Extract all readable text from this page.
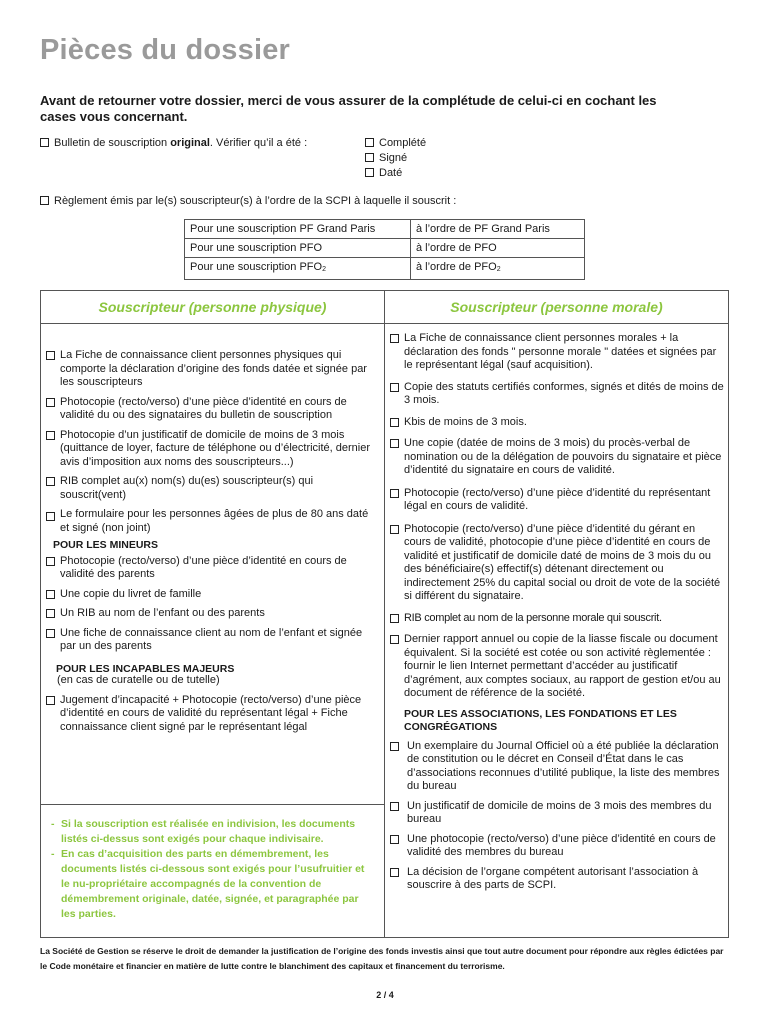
Pièces du dossier
Avant de retourner votre dossier, merci de vous assurer de la complétude de celui-ci en cochant les cases vous concernant.
Bulletin de souscription original. Vérifier qu’il a été :	Complété
Signé
Daté
Règlement émis par le(s) souscripteur(s) à l’ordre de la SCPI à laquelle il souscrit :
Pour une souscription PF Grand Paris	à l’ordre de PF Grand Paris
Pour une souscription PFO	à l’ordre de PFO
Pour une souscription $PFO_2$	à l’ordre de $PFO_2$
Souscripteur (personne physique)	Souscripteur (personne morale)
La Fiche de connaissance client personnes physiques qui comporte la déclaration d’origine des fonds datée et signée par les souscripteurs
Photocopie (recto/verso) d’une pièce d’identité en cours de validité du ou des signataires du bulletin de souscription
Photocopie d’un justificatif de domicile de moins de 3 mois (quittance de loyer, facture de téléphone ou d’électricité, dernier avis d’imposition aux noms des souscripteurs...)
RIB complet au(x) nom(s) du(es) souscripteur(s) qui souscrit(vent)
Le formulaire pour les personnes âgées de plus de 80 ans daté et signé (non joint)
POUR LES MINEURS
Photocopie (recto/verso) d’une pièce d’identité en cours de validité des parents
Une copie du livret de famille
Un RIB au nom de l’enfant ou des parents
Une fiche de connaissance client au nom de l’enfant et signée par un des parents
POUR LES INCAPABLES MAJEURS
(en cas de curatelle ou de tutelle)
Jugement d’incapacité + Photocopie (recto/verso) d’une pièce d’identité en cours de validité du représentant légal + Fiche connaissance client signé par le représentant légal
- Si la souscription est réalisée en indivision, les documents listés ci-dessus sont exigés pour chaque indivisaire.
- En cas d’acquisition des parts en démembrement, les documents listés ci-dessous sont exigés pour l’usufruitier et le nu-propriétaire accompagnés de la convention de démembrement originale, datée, signée, et paragraphée par les parties.
La Fiche de connaissance client personnes morales + la déclaration des fonds " personne morale " datées et signées par le représentant légal (sauf acquisition).
Copie des statuts certifiés conformes, signés et dités de moins de 3 mois.
Kbis de moins de 3 mois.
Une copie (datée de moins de 3 mois) du procès-verbal de nomination ou de la délégation de pouvoirs du signataire et pièce d’identité du signataire en cours de validité.
Photocopie (recto/verso) d’une pièce d’identité du représentant légal en cours de validité.
Photocopie (recto/verso) d’une pièce d’identité du gérant en cours de validité, photocopie d’une pièce d’identité en cours de validité et justificatif de domicile daté de moins de 3 mois du ou des bénéficiaire(s) effectif(s) détenant directement ou indirectement 25% du capital social ou droit de vote de la société si différent du signataire.
RIB complet au nom de la personne morale qui souscrit.
Dernier rapport annuel ou copie de la liasse fiscale ou document équivalent. Si la société est cotée ou son activité règlementée : fournir le lien Internet permettant d’accéder au justificatif d’agrément, aux comptes sociaux, au rapport de gestion et/ou au document de référence de la société.
POUR LES ASSOCIATIONS, LES FONDATIONS ET LES CONGRÉGATIONS
Un exemplaire du Journal Officiel où a été publiée la déclaration de constitution ou le décret en Conseil d’État dans le cas d’associations reconnues d’utilité publique, la liste des membres du bureau
Un justificatif de domicile de moins de 3 mois des membres du bureau
Une photocopie (recto/verso) d’une pièce d’identité en cours de validité des membres du bureau
La décision de l’organe compétent autorisant l’association à souscrire à des parts de SCPI.
La Société de Gestion se réserve le droit de demander la justification de l’origine des fonds investis ainsi que tout autre document pour répondre aux règles édictées par le Code monétaire et financier en matière de lutte contre le blanchiment des capitaux et financement du terrorisme.
2 / 4
